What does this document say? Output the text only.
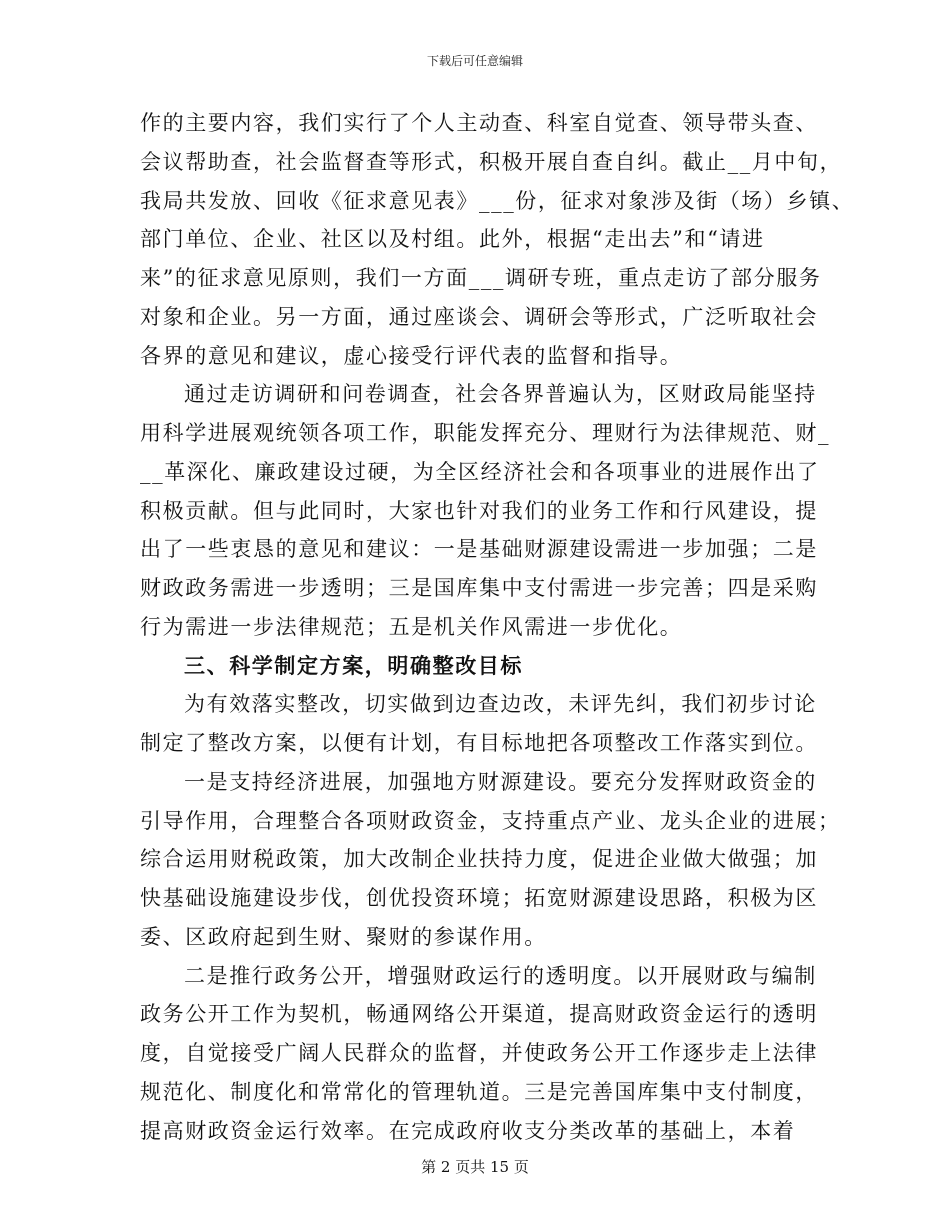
下载后可任意编辑
作的主要内容，我们实行了个人主动查、科室自觉查、领导带头查、
会议帮助查，社会监督查等形式，积极开展自查自纠。截止__月中旬，
我局共发放、回收《征求意见表》___份，征求对象涉及街（场）乡镇、
部门单位、企业、社区以及村组。此外，根据“走出去”和“请进
来”的征求意见原则，我们一方面___调研专班，重点走访了部分服务
对象和企业。另一方面，通过座谈会、调研会等形式，广泛听取社会
各界的意见和建议，虚心接受行评代表的监督和指导。
通过走访调研和问卷调查，社会各界普遍认为，区财政局能坚持
用科学进展观统领各项工作，职能发挥充分、理财行为法律规范、财_
__革深化、廉政建设过硬，为全区经济社会和各项事业的进展作出了
积极贡献。但与此同时，大家也针对我们的业务工作和行风建设，提
出了一些衷恳的意见和建议：一是基础财源建设需进一步加强；二是
财政政务需进一步透明；三是国库集中支付需进一步完善；四是采购
行为需进一步法律规范；五是机关作风需进一步优化。
三、科学制定方案，明确整改目标
为有效落实整改，切实做到边查边改，未评先纠，我们初步讨论
制定了整改方案，以便有计划，有目标地把各项整改工作落实到位。
一是支持经济进展，加强地方财源建设。要充分发挥财政资金的
引导作用，合理整合各项财政资金，支持重点产业、龙头企业的进展；
综合运用财税政策，加大改制企业扶持力度，促进企业做大做强；加
快基础设施建设步伐，创优投资环境；拓宽财源建设思路，积极为区
委、区政府起到生财、聚财的参谋作用。
二是推行政务公开，增强财政运行的透明度。以开展财政与编制
政务公开工作为契机，畅通网络公开渠道，提高财政资金运行的透明
度，自觉接受广阔人民群众的监督，并使政务公开工作逐步走上法律
规范化、制度化和常常化的管理轨道。三是完善国库集中支付制度，
提高财政资金运行效率。在完成政府收支分类改革的基础上，本着
第 2 页共 15 页
